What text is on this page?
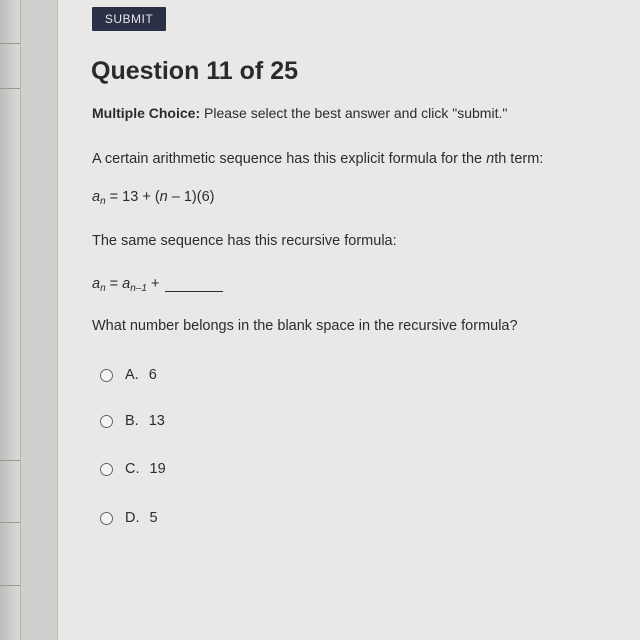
SUBMIT
Question 11 of 25
Multiple Choice: Please select the best answer and click "submit."
A certain arithmetic sequence has this explicit formula for the nth term:
$a_n = 13 + (n - 1)(6)$
The same sequence has this recursive formula:
$a_n = a_{n-1}$ +
What number belongs in the blank space in the recursive formula?
A. 6
B. 13
C. 19
D. 5
